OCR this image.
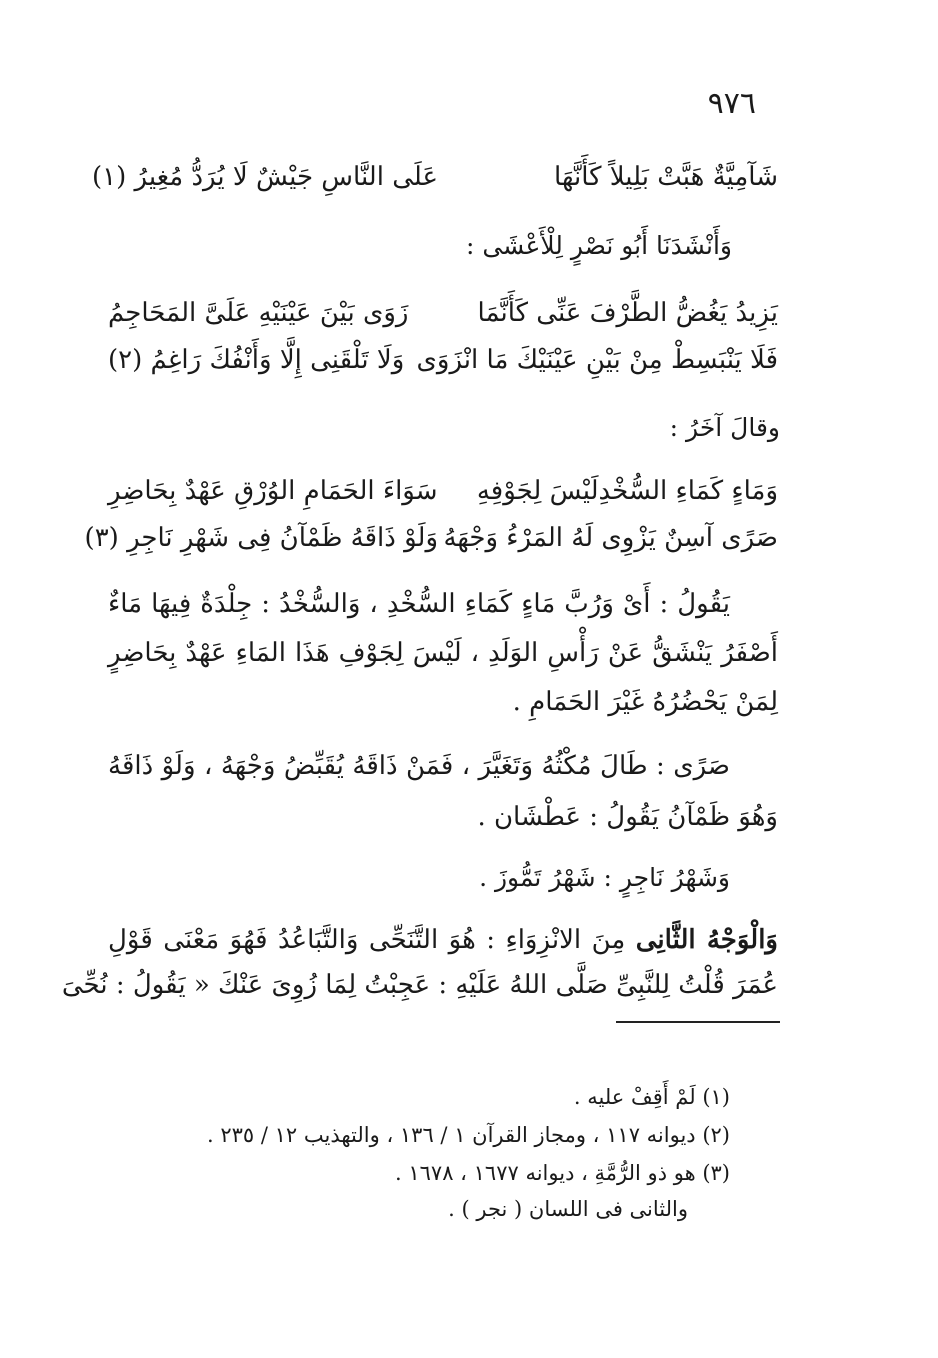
٩٧٦
شَآمِيَّةٌ هَبَّتْ بَلِيلاً كَأَنَّهَا
عَلَى النَّاسِ جَيْشٌ لَا يُرَدُّ مُغِيرُ (١)
وَأَنْشَدَنَا أَبُو نَصْرٍ لِلْأَعْشَى :
يَزِيدُ يَغُضُّ الطَّرْفَ عَنِّى كَأَنَّمَا
زَوَى بَيْنَ عَيْنَيْهِ عَلَىَّ المَحَاجِمُ
فَلَا يَنْبَسِطْ مِنْ بَيْنِ عَيْنَيْكَ مَا انْزَوَى
وَلَا تَلْقَنِى إِلَّا وَأَنْفُكَ رَاغِمُ (٢)
وقالَ آخَرُ :
وَمَاءٍ كَمَاءِ السُّخْدِلَيْسَ لِجَوْفِهِ
سَوَاءَ الحَمَامِ الوُرْقِ عَهْدٌ بِحَاضِرِ
صَرًى آسِنٌ يَزْوِى لَهُ المَرْءُ وَجْهَهُ
وَلَوْ ذَاقَهُ ظَمْآنُ فِى شَهْرِ نَاجِرِ (٣)
يَقُولُ : أَىْ وَرُبَّ مَاءٍ كَمَاءِ السُّخْدِ ، وَالسُّخْدُ : جِلْدَةٌ فِيهَا مَاءٌ
أَصْفَرُ يَنْشَقُّ عَنْ رَأْسِ الوَلَدِ ، لَيْسَ لِجَوْفِ هَذَا المَاءِ عَهْدٌ بِحَاضِرٍ
لِمَنْ يَحْضُرُهُ غَيْرَ الحَمَامِ .
صَرًى : طَالَ مُكْثُهُ وَتَغَيَّرَ ، فَمَنْ ذَاقَهُ يُقَبِّضُ وَجْهَهُ ، وَلَوْ ذَاقَهُ
وَهُوَ ظَمْآنُ يَقُولُ : عَطْشَان .
وَشَهْرُ نَاجِرٍ : شَهْرُ تَمُّوزَ .
وَالْوَجْهُ الثَّانِى مِنَ الانْزِوَاءِ : هُوَ التَّنَحِّى وَالتَّبَاعُدُ فَهُوَ مَعْنَى قَوْلِ
عُمَرَ قُلْتُ لِلنَّبِىِّ صَلَّى اللهُ عَلَيْهِ : عَجِبْتُ لِمَا زُوِىَ عَنْكَ « يَقُولُ : نُحِّىَ
(١) لَمْ أَقِفْ عليه .
(٢) ديوانه ١١٧ ، ومجاز القرآن ١ / ١٣٦ ، والتهذيب ١٢ / ٢٣٥ .
(٣) هو ذو الرُّمَّةِ ، ديوانه ١٦٧٧ ، ١٦٧٨ .
والثانى فى اللسان ( نجر ) .
